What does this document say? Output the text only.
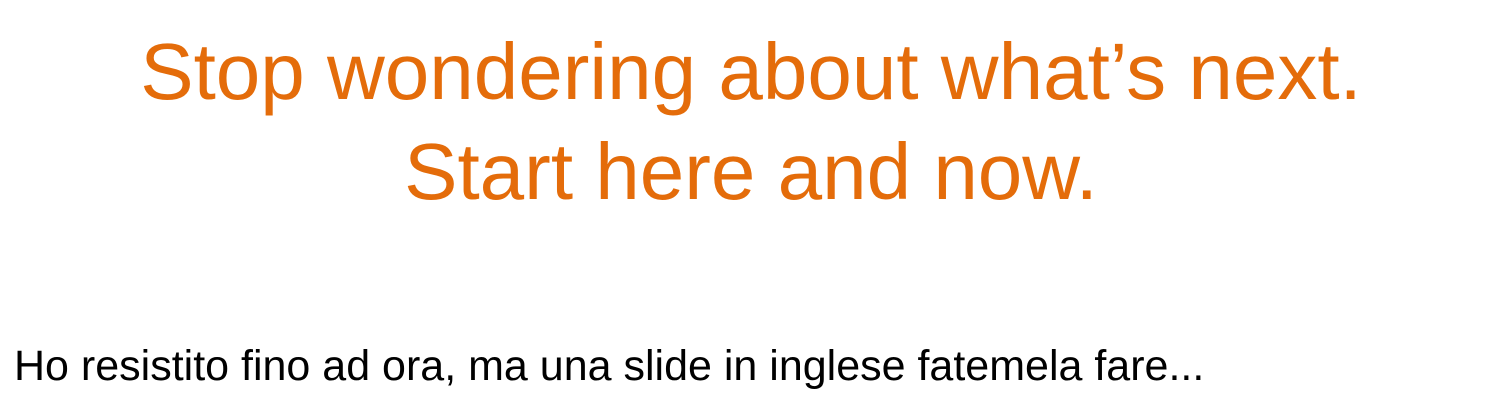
Stop wondering about what’s next.
Start here and now.

Ho resistito fino ad ora, ma una slide in inglese fatemela fare...
